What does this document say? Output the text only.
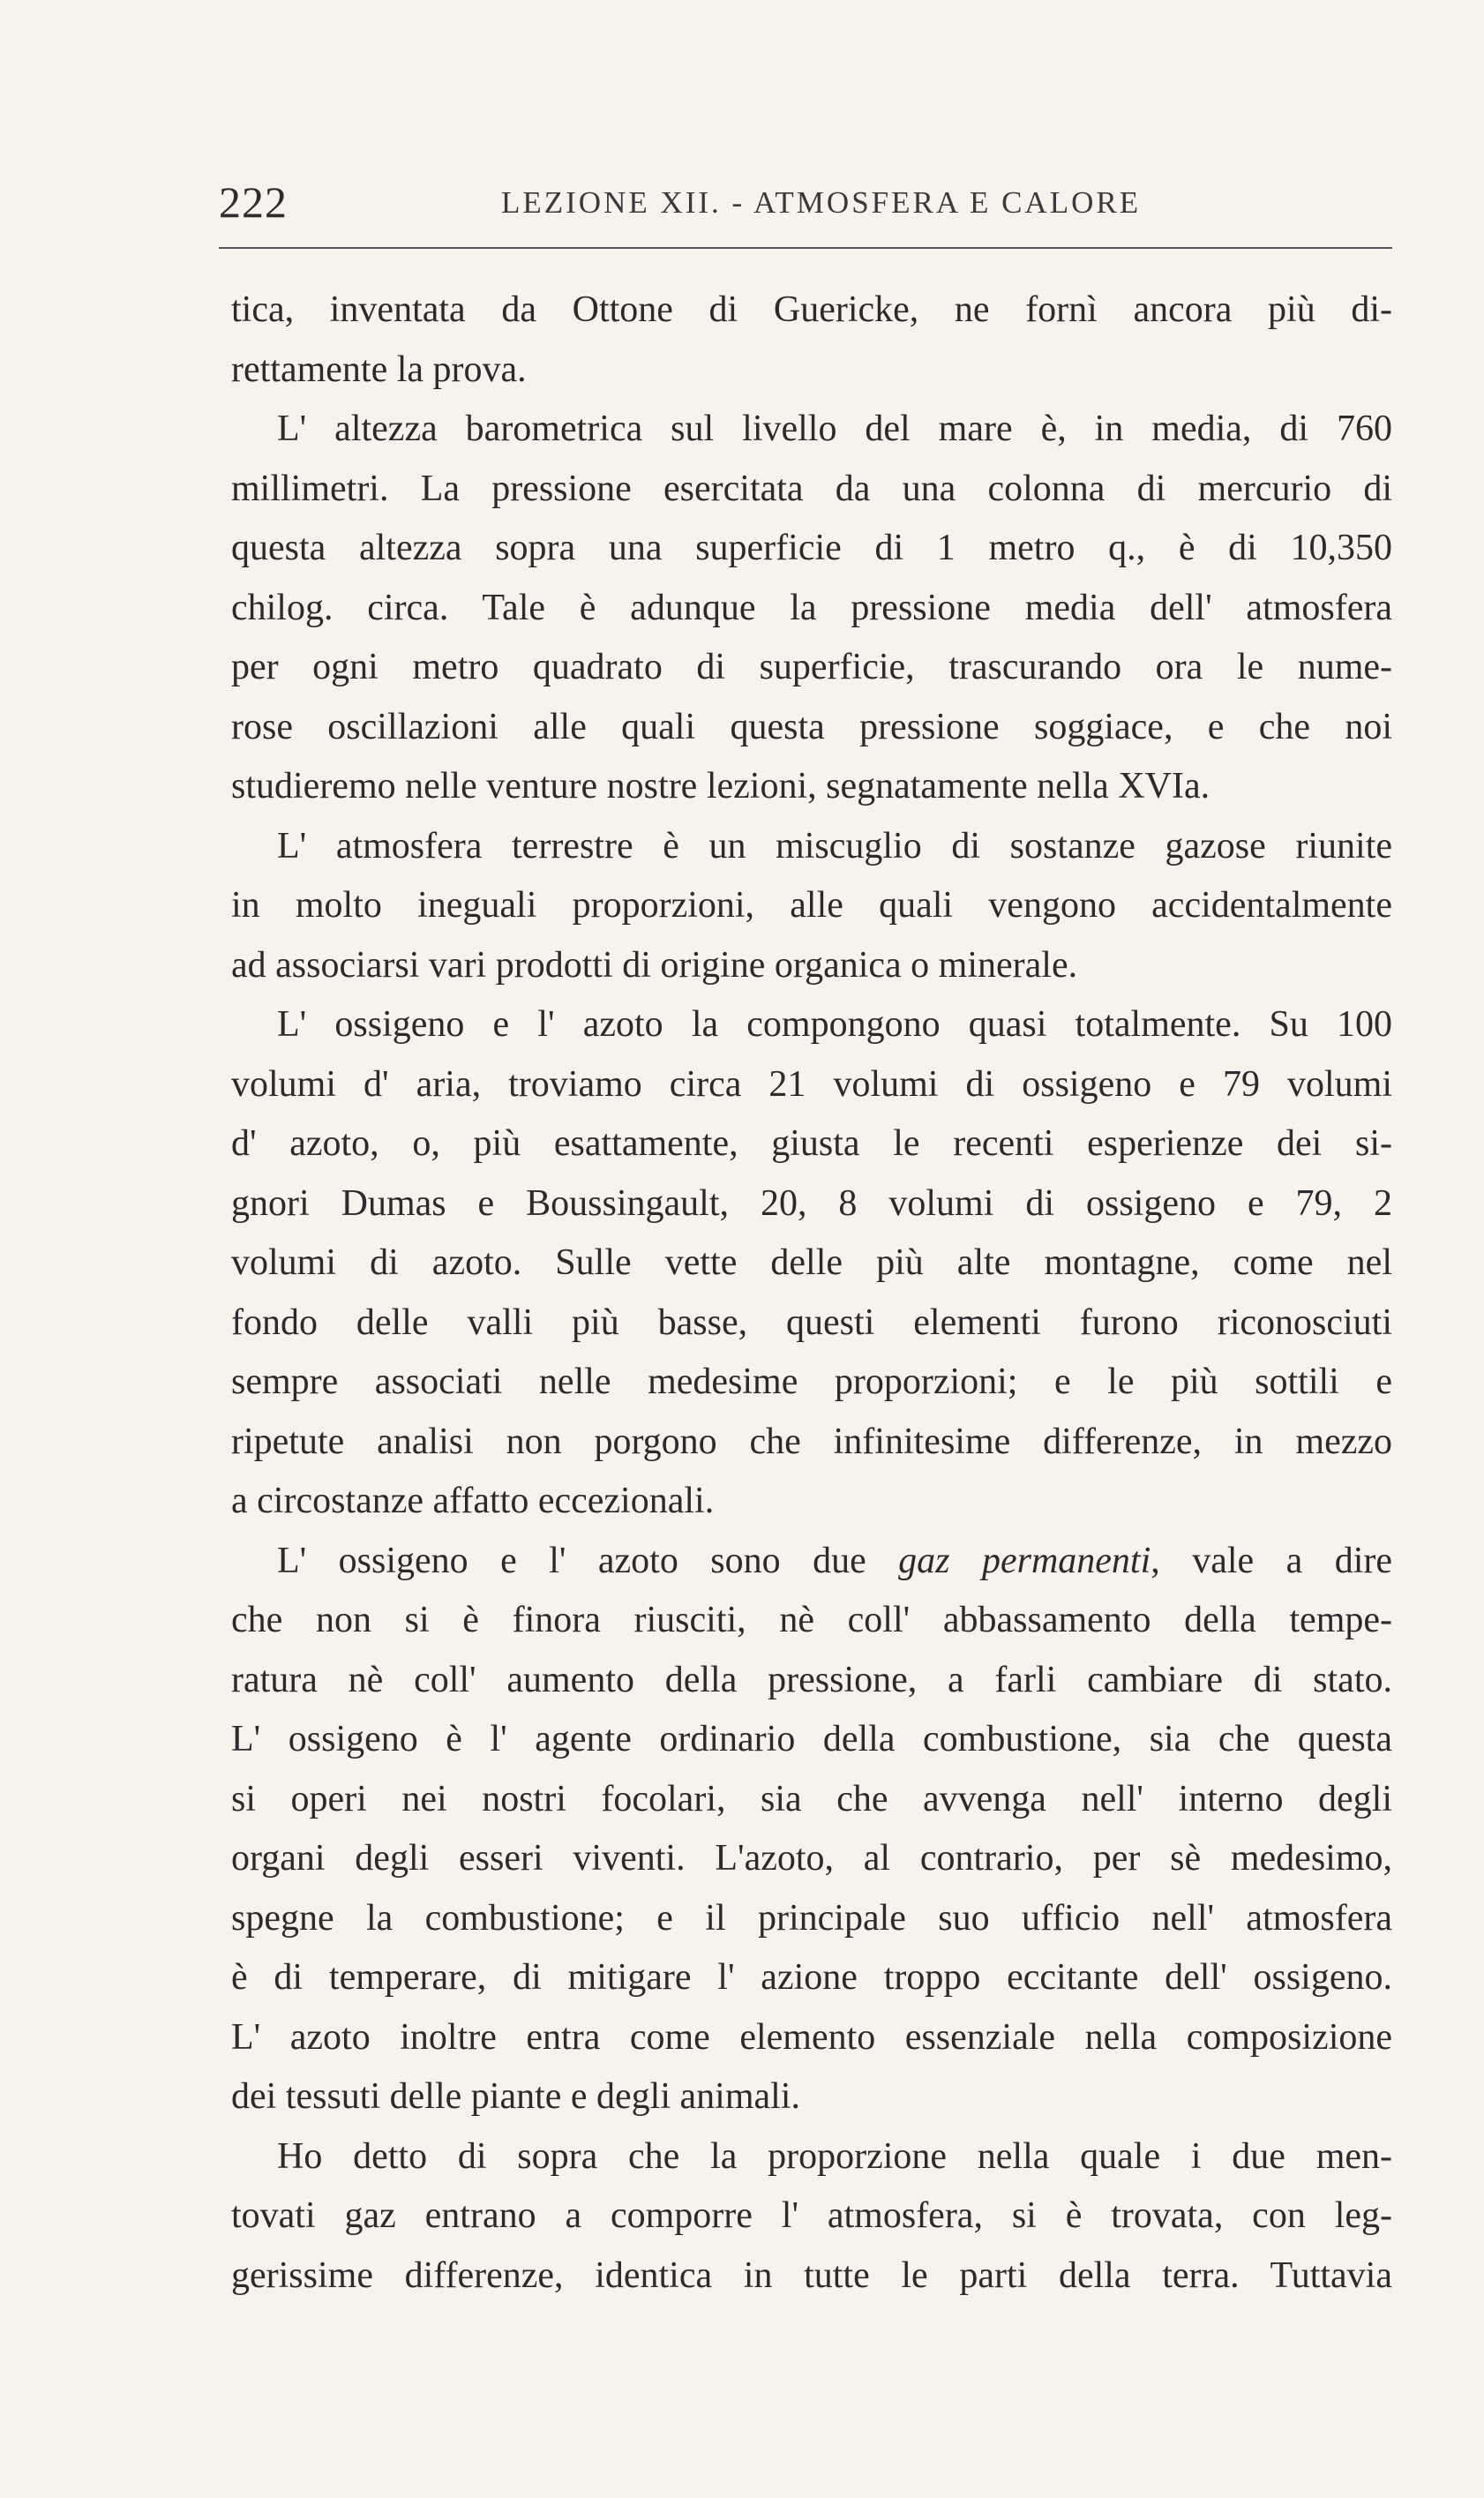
222	LEZIONE XII. - ATMOSFERA E CALORE
tica, inventata da Ottone di Guericke, ne fornì ancora più di-
rettamente la prova.
L' altezza barometrica sul livello del mare è, in media, di 760
millimetri. La pressione esercitata da una colonna di mercurio di
questa altezza sopra una superficie di 1 metro q., è di 10,350
chilog. circa. Tale è adunque la pressione media dell' atmosfera
per ogni metro quadrato di superficie, trascurando ora le nume-
rose oscillazioni alle quali questa pressione soggiace, e che noi
studieremo nelle venture nostre lezioni, segnatamente nella XVIa.
L' atmosfera terrestre è un miscuglio di sostanze gazose riunite
in molto ineguali proporzioni, alle quali vengono accidentalmente
ad associarsi vari prodotti di origine organica o minerale.
L' ossigeno e l' azoto la compongono quasi totalmente. Su 100
volumi d' aria, troviamo circa 21 volumi di ossigeno e 79 volumi
d' azoto, o, più esattamente, giusta le recenti esperienze dei si-
gnori Dumas e Boussingault, 20, 8 volumi di ossigeno e 79, 2
volumi di azoto. Sulle vette delle più alte montagne, come nel
fondo delle valli più basse, questi elementi furono riconosciuti
sempre associati nelle medesime proporzioni; e le più sottili e
ripetute analisi non porgono che infinitesime differenze, in mezzo
a circostanze affatto eccezionali.
L' ossigeno e l' azoto sono due gaz permanenti, vale a dire
che non si è finora riusciti, nè coll' abbassamento della tempe-
ratura nè coll' aumento della pressione, a farli cambiare di stato.
L' ossigeno è l' agente ordinario della combustione, sia che questa
si operi nei nostri focolari, sia che avvenga nell' interno degli
organi degli esseri viventi. L'azoto, al contrario, per sè medesimo,
spegne la combustione; e il principale suo ufficio nell' atmosfera
è di temperare, di mitigare l' azione troppo eccitante dell' ossigeno.
L' azoto inoltre entra come elemento essenziale nella composizione
dei tessuti delle piante e degli animali.
Ho detto di sopra che la proporzione nella quale i due men-
tovati gaz entrano a comporre l' atmosfera, si è trovata, con leg-
gerissime differenze, identica in tutte le parti della terra. Tuttavia
